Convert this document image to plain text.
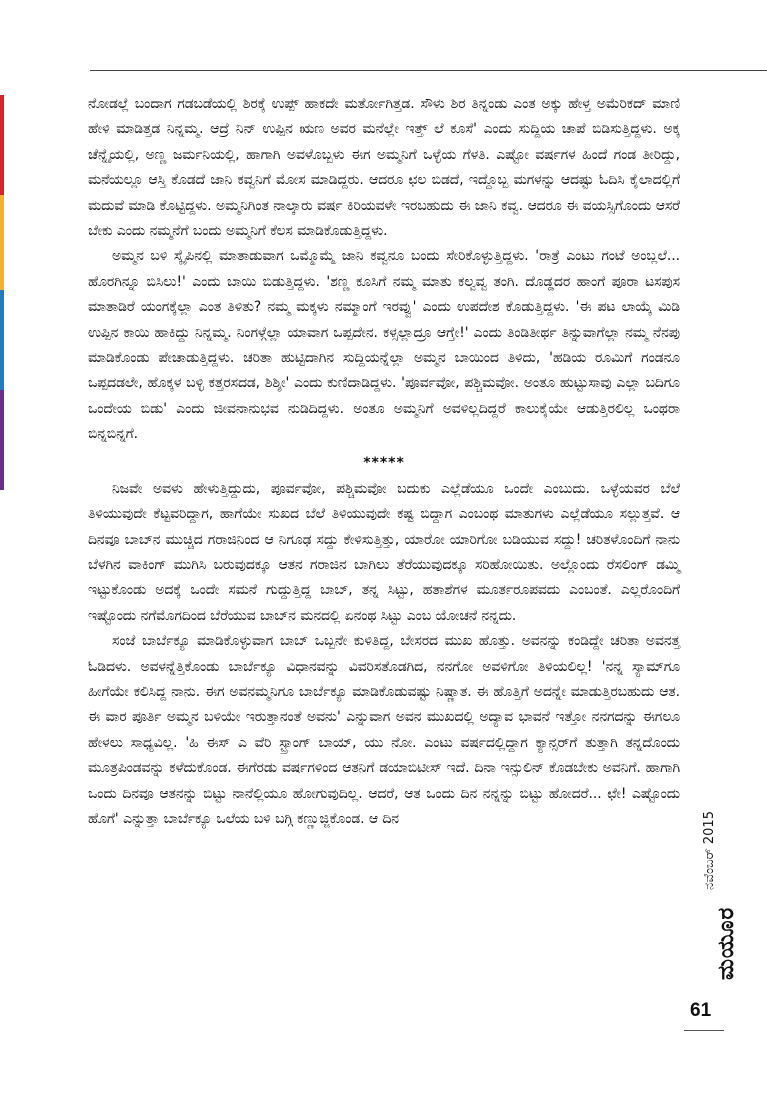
ನೋಡಲ್ಲೆ ಬಂದಾಗ ಗಡಬಡೆಯಲ್ಲಿ ಶಿರಕ್ಕೆ ಉಪ್ಪ್ ಹಾಕದೇ ಮರ್ತೋಗಿತ್ತಡ. ಸೌಳು ಶಿರ ತಿನ್ನಂಡು ಎಂತ ಅಕ್ಕು ಹೇಳ್ತ ಅಮೆರಿಕದ್ ಮಾಣಿ ಹೇಳಿ ಮಾಡಿತ್ತಡ ನಿನ್ನಮ್ಮ. ಆದ್ರೆ ನಿನ್ ಉಪ್ಪಿನ ಋಣ ಅವರ ಮನೆಲ್ಲೇ ಇತ್ತ್ ಲೆ ಕೂಸೆ' ಎಂದು ಸುದ್ದಿಯ ಚಾಪೆ ಬಿಡಿಸುತ್ತಿದ್ದಳು. ಅಕ್ಕ ಚೆನ್ನೈಯಲ್ಲಿ, ಅಣ್ಣ ಜರ್ಮನಿಯಲ್ಲಿ, ಹಾಗಾಗಿ ಅವಳೊಬ್ಬಳು ಈಗ ಅಮ್ಮನಿಗೆ ಒಳ್ಳೆಯ ಗೆಳತಿ. ಎಷ್ಟೋ ವರ್ಷಗಳ ಹಿಂದೆ ಗಂಡ ತೀರಿದ್ದು, ಮನೆಯಲ್ಲೂ ಆಸ್ತಿ ಕೊಡದೆ ಜಾನಿ ಕವ್ವನಿಗೆ ಮೋಸ ಮಾಡಿದ್ದರು. ಆದರೂ ಛಲ ಬಿಡದೆ, ಇದ್ದೊಬ್ಬ ಮಗಳನ್ನು ಆದಷ್ಟು ಓದಿಸಿ ಕೈಲಾದಲ್ಲಿಗೆ ಮದುವೆ ಮಾಡಿ ಕೊಟ್ಟಿದ್ದಳು. ಅಮ್ಮನಿಗಿಂತ ನಾಲ್ಕಾರು ವರ್ಷ ಕಿರಿಯವಳೇ ಇರಬಹುದು ಈ ಜಾನಿ ಕವ್ವ. ಆದರೂ ಈ ವಯಸ್ಸಿಗೊಂದು ಆಸರೆ ಬೇಕು ಎಂದು ನಮ್ಮನೆಗೆ ಬಂದು ಅಮ್ಮನಿಗೆ ಕೆಲಸ ಮಾಡಿಕೊಡುತ್ತಿದ್ದಳು.

ಅಮ್ಮನ ಬಳಿ ಸ್ಕೈಪಿನಲ್ಲಿ ಮಾತಾಡುವಾಗ ಒಮ್ಮೊಮ್ಮೆ ಜಾನಿ ಕವ್ವನೂ ಬಂದು ಸೇರಿಕೊಳ್ಳುತ್ತಿದ್ದಳು. 'ರಾತ್ರೆ ಎಂಟು ಗಂಟೆ ಅಂಬ್ಲಲೆ... ಹೊರಗಿನ್ನೂ ಬಿಸಿಲು!' ಎಂದು ಬಾಯಿ ಬಿಡುತ್ತಿದ್ದಳು. 'ಶಣ್ಣ ಕೂಸಿಗೆ ನಮ್ಮ ಮಾತು ಕಲ್ವವ್ವ ತಂಗಿ. ದೊಡ್ಡದರ ಹಾಂಗೆ ಪೂರಾ ಟಸಪುಸ ಮಾತಾಡಿರೆ ಯಂಗಕ್ಕೆಲ್ಲಾ ಎಂತ ತಿಳಿತು? ನಮ್ಮ ಮಕ್ಕಳು ನಮ್ಮಾಂಗೆ ಇರವ್ವು' ಎಂದು ಉಪದೇಶ ಕೊಡುತ್ತಿದ್ದಳು. 'ಈ ಪಟ ಲಾಯ್ಕೆ ಮಿಡಿ ಉಪ್ಪಿನ ಕಾಯಿ ಹಾಕಿದ್ದು ನಿನ್ನಮ್ಮ. ನಿಂಗಳ್ಗೆಲ್ಲಾ ಯಾವಾಗ ಒಪ್ಪದೇನ. ಕಳ್ಸಲ್ಲಾದ್ರೂ ಆಗ್ತೇ!' ಎಂದು ತಿಂಡಿತೀರ್ಥ ತಿನ್ನುವಾಗೆಲ್ಲಾ ನಮ್ಮ ನೆನಪು ಮಾಡಿಕೊಂಡು ಪೇಚಾಡುತ್ತಿದ್ದಳು. ಚರಿತಾ ಹುಟ್ಟಿದಾಗಿನ ಸುದ್ದಿಯನ್ನೆಲ್ಲಾ ಅಮ್ಮನ ಬಾಯಿಂದ ತಿಳಿದು, 'ಹಡಿಯ ರೂಮಿಗೆ ಗಂಡನೂ ಒಪ್ಪದಡಲೇ, ಹೊಕ್ಕಳ ಬಳ್ಳಿ ಕತ್ತರಸದಡ, ಶಿಶ್ಶೀ' ಎಂದು ಕುಣಿದಾಡಿದ್ದಳು. 'ಪೂರ್ವವೋ, ಪಶ್ಚಿಮವೋ. ಅಂತೂ ಹುಟ್ಟುಸಾವು ಎಲ್ಲಾ ಬದಿಗೂ ಒಂದೇಯ ಬಿಡು' ಎಂದು ಜೀವನಾನುಭವ ನುಡಿದಿದ್ದಳು. ಅಂತೂ ಅಮ್ಮನಿಗೆ ಅವಳಿಲ್ಲದಿದ್ದರೆ ಕಾಲುಕೈಯೇ ಆಡುತ್ತಿರಲಿಲ್ಲ ಒಂಥರಾ ಬಿನ್ನಬಿನ್ನಗೆ.

*****

ನಿಜವೇ ಅವಳು ಹೇಳುತ್ತಿದ್ದುದು, ಪೂರ್ವವೋ, ಪಶ್ಚಿಮವೋ ಬದುಕು ಎಲ್ಲೆಡೆಯೂ ಒಂದೇ ಎಂಬುದು. ಒಳ್ಳೆಯವರ ಬೆಲೆ ತಿಳಿಯುವುದೇ ಕೆಟ್ಟವರಿದ್ದಾಗ, ಹಾಗೆಯೇ ಸುಖದ ಬೆಲೆ ತಿಳಿಯುವುದೇ ಕಷ್ಟ ಬಿದ್ದಾಗ ಎಂಬಂಥ ಮಾತುಗಳು ಎಲ್ಲೆಡೆಯೂ ಸಲ್ಲುತ್ತವೆ. ಆ ದಿನವೂ ಬಾಬ್‌ನ ಮುಚ್ಚಿದ ಗರಾಜಿನಿಂದ ಆ ನಿಗೂಢ ಸದ್ದು ಕೇಳಿಸುತ್ತಿತ್ತು, ಯಾರೋ ಯಾರಿಗೋ ಬಡಿಯುವ ಸದ್ದು! ಚರಿತಳೊಂದಿಗೆ ನಾನು ಬೆಳಗಿನ ವಾಕಿಂಗ್ ಮುಗಿಸಿ ಬರುವುದಕ್ಕೂ ಆತನ ಗರಾಜಿನ ಬಾಗಿಲು ತೆರೆಯುವುದಕ್ಕೂ ಸರಿಹೋಯಿತು. ಅಲ್ಲೊಂದು ರೆಸಲಿಂಗ್ ಡಮ್ಮಿ ಇಟ್ಟುಕೊಂಡು ಅದಕ್ಕೆ ಒಂದೇ ಸಮನೆ ಗುದ್ದುತ್ತಿದ್ದ ಬಾಬ್, ತನ್ನ ಸಿಟ್ಟು, ಹತಾಶೆಗಳ ಮೂರ್ತರೂಪವದು ಎಂಬಂತೆ. ಎಲ್ಲರೊಂದಿಗೆ ಇಷ್ಟೊಂದು ನಗೆಮೊಗದಿಂದ ಬೆರೆಯುವ ಬಾಬ್‌ನ ಮನದಲ್ಲಿ ಏನಂಥ ಸಿಟ್ಟು ಎಂಬ ಯೋಚನೆ ನನ್ನದು.

ಸಂಜೆ ಬಾರ್ಬೆಕ್ಯೂ ಮಾಡಿಕೊಳ್ಳುವಾಗ ಬಾಬ್ ಒಬ್ಬನೇ ಕುಳಿತಿದ್ದ, ಬೇಸರದ ಮುಖ ಹೊತ್ತು. ಅವನನ್ನು ಕಂಡಿದ್ದೇ ಚರಿತಾ ಅವನತ್ತ ಓಡಿದಳು. ಅವಳನ್ನೆತ್ತಿಕೊಂಡು ಬಾರ್ಬೆಕ್ಯೂ ವಿಧಾನವನ್ನು ವಿವರಿಸತೊಡಗಿದ, ನನಗೋ ಅವಳಿಗೋ ತಿಳಿಯಲಿಲ್ಲ! 'ನನ್ನ ಸ್ಯಾಮ್‌ಗೂ ಹೀಗೆಯೇ ಕಲಿಸಿದ್ದ ನಾನು. ಈಗ ಅವನಮ್ಮನಿಗೂ ಬಾರ್ಬೆಕ್ಯೂ ಮಾಡಿಕೊಡುವಷ್ಟು ನಿಷ್ಣಾತ. ಈ ಹೊತ್ತಿಗೆ ಅದನ್ನೇ ಮಾಡುತ್ತಿರಬಹುದು ಆತ. ಈ ವಾರ ಪೂರ್ತಿ ಅಮ್ಮನ ಬಳಿಯೇ ಇರುತ್ತಾನಂತೆ ಅವನು' ಎನ್ನುವಾಗ ಅವನ ಮುಖದಲ್ಲಿ ಅದ್ಯಾವ ಭಾವನೆ ಇತ್ತೋ ನನಗದನ್ನು ಈಗಲೂ ಹೇಳಲು ಸಾಧ್ಯವಿಲ್ಲ. 'ಹಿ ಈಸ್ ಎ ವೆರಿ ಸ್ಟ್ರಾಂಗ್ ಬಾಯ್, ಯು ನೋ. ಎಂಟು ವರ್ಷದಲ್ಲಿದ್ದಾಗ ಕ್ಯಾನ್ಸರ್‌ಗೆ ತುತ್ತಾಗಿ ತನ್ನದೊಂದು ಮೂತ್ರಪಿಂಡವನ್ನು ಕಳೆದುಕೊಂಡ. ಈಗೆರಡು ವರ್ಷಗಳಿಂದ ಆತನಿಗೆ ಡಯಾಬಿಟೀಸ್ ಇದೆ. ದಿನಾ ಇನ್ಸುಲಿನ್ ಕೊಡಬೇಕು ಅವನಿಗೆ. ಹಾಗಾಗಿ ಒಂದು ದಿನವೂ ಆತನನ್ನು ಬಿಟ್ಟು ನಾನೆಲ್ಲಿಯೂ ಹೋಗುವುದಿಲ್ಲ. ಆದರೆ, ಆತ ಒಂದು ದಿನ ನನ್ನನ್ನು ಬಿಟ್ಟು ಹೋದರೆ... ಛೇ! ಎಷ್ಟೊಂದು ಹೊಗೆ' ಎನ್ನುತ್ತಾ ಬಾರ್ಬೆಕ್ಯೂ ಒಲೆಯ ಬಳಿ ಬಗ್ಗಿ ಕಣ್ಣುಜ್ಜಿಕೊಂಡ. ಆ ದಿನ	ನವೆಂಬರ್ 2015
ಮಯೂರ
61
